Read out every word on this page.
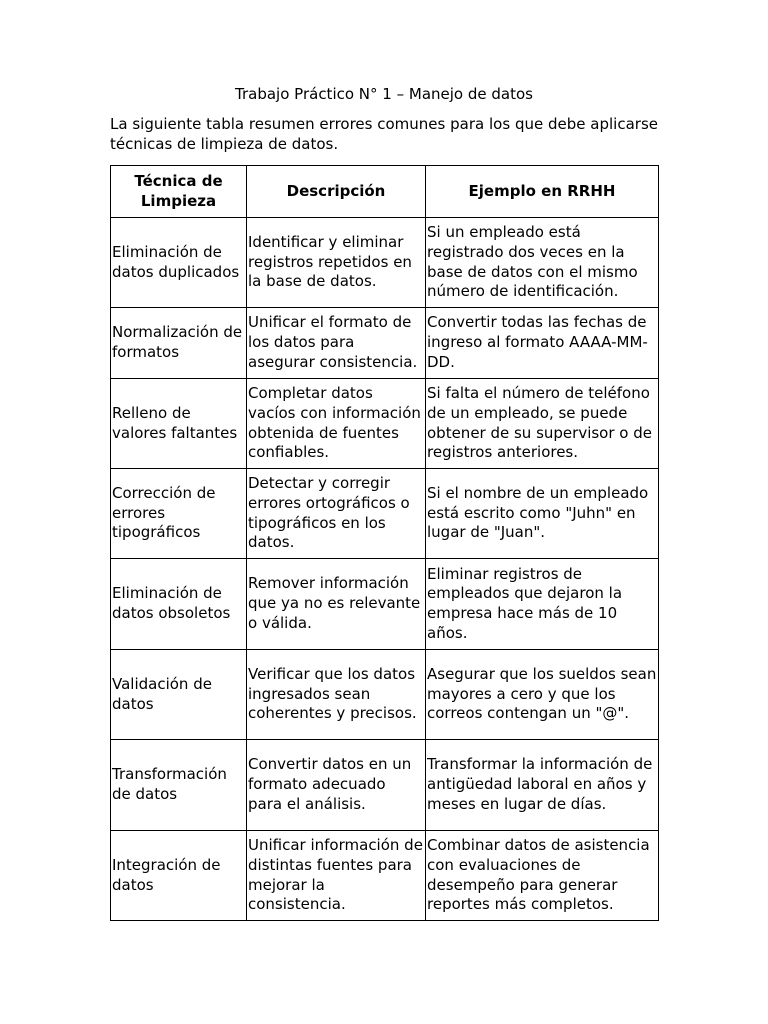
Trabajo Práctico N° 1 – Manejo de datos
La siguiente tabla resumen errores comunes para los que debe aplicarse técnicas de limpieza de datos.
Técnica de Limpieza	Descripción	Ejemplo en RRHH
Eliminación de datos duplicados	Identificar y eliminar registros repetidos en la base de datos.	Si un empleado está registrado dos veces en la base de datos con el mismo número de identificación.
Normalización de formatos	Unificar el formato de los datos para asegurar consistencia.	Convertir todas las fechas de ingreso al formato AAAA-MM-DD.
Relleno de valores faltantes	Completar datos vacíos con información obtenida de fuentes confiables.	Si falta el número de teléfono de un empleado, se puede obtener de su supervisor o de registros anteriores.
Corrección de errores tipográficos	Detectar y corregir errores ortográficos o tipográficos en los datos.	Si el nombre de un empleado está escrito como "Juhn" en lugar de "Juan".
Eliminación de datos obsoletos	Remover información que ya no es relevante o válida.	Eliminar registros de empleados que dejaron la empresa hace más de 10 años.
Validación de datos	Verificar que los datos ingresados sean coherentes y precisos.	Asegurar que los sueldos sean mayores a cero y que los correos contengan un "@".
Transformación de datos	Convertir datos en un formato adecuado para el análisis.	Transformar la información de antigüedad laboral en años y meses en lugar de días.
Integración de datos	Unificar información de distintas fuentes para mejorar la consistencia.	Combinar datos de asistencia con evaluaciones de desempeño para generar reportes más completos.
